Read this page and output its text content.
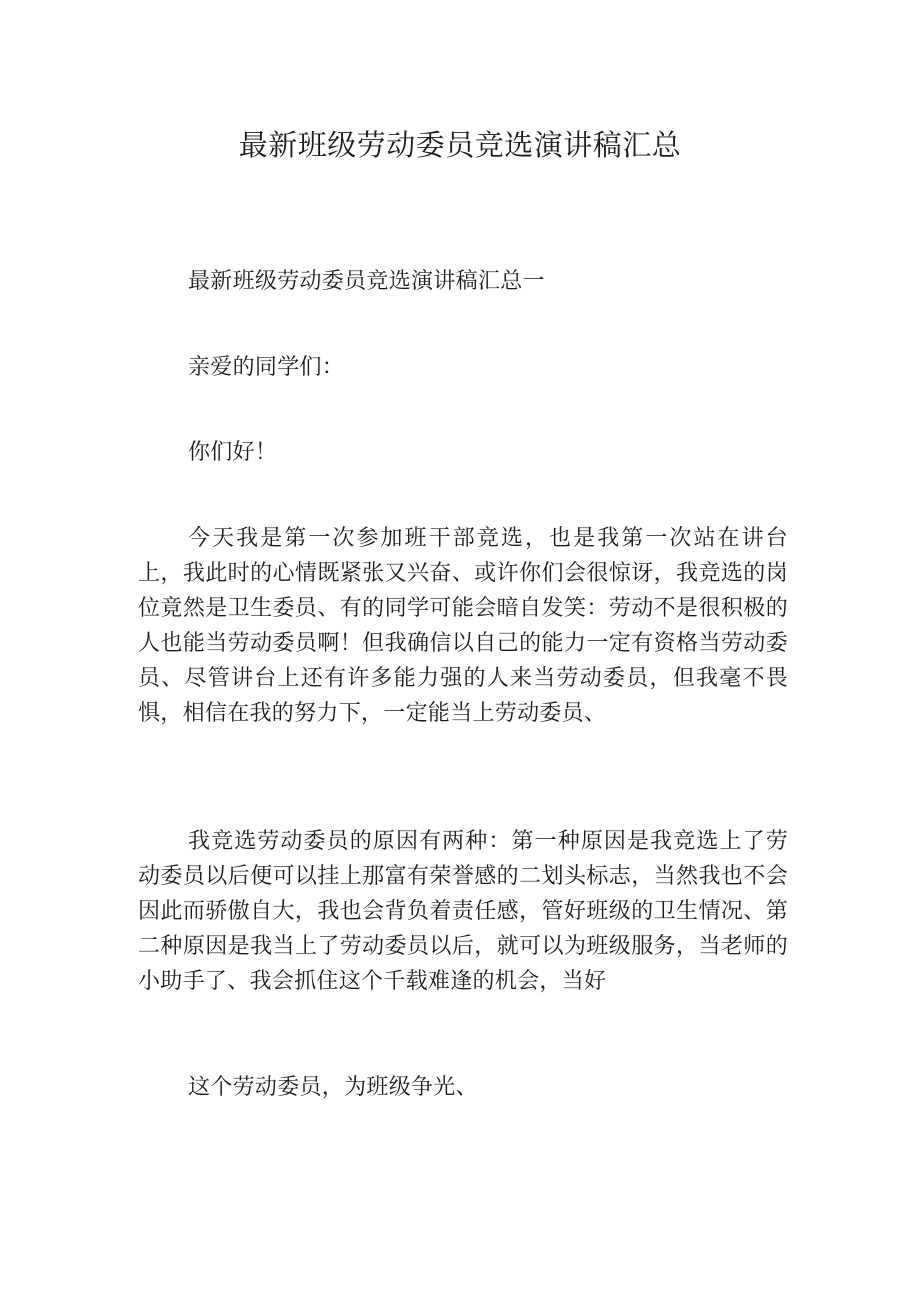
最新班级劳动委员竞选演讲稿汇总

最新班级劳动委员竞选演讲稿汇总一

亲爱的同学们：

你们好！

今天我是第一次参加班干部竞选，也是我第一次站在讲台上，我此时的心情既紧张又兴奋、或许你们会很惊讶，我竞选的岗位竟然是卫生委员、有的同学可能会暗自发笑：劳动不是很积极的人也能当劳动委员啊！但我确信以自己的能力一定有资格当劳动委员、尽管讲台上还有许多能力强的人来当劳动委员，但我毫不畏惧，相信在我的努力下，一定能当上劳动委员、

我竞选劳动委员的原因有两种：第一种原因是我竞选上了劳动委员以后便可以挂上那富有荣誉感的二划头标志，当然我也不会因此而骄傲自大，我也会背负着责任感，管好班级的卫生情况、第二种原因是我当上了劳动委员以后，就可以为班级服务，当老师的小助手了、我会抓住这个千载难逢的机会，当好

这个劳动委员，为班级争光、
